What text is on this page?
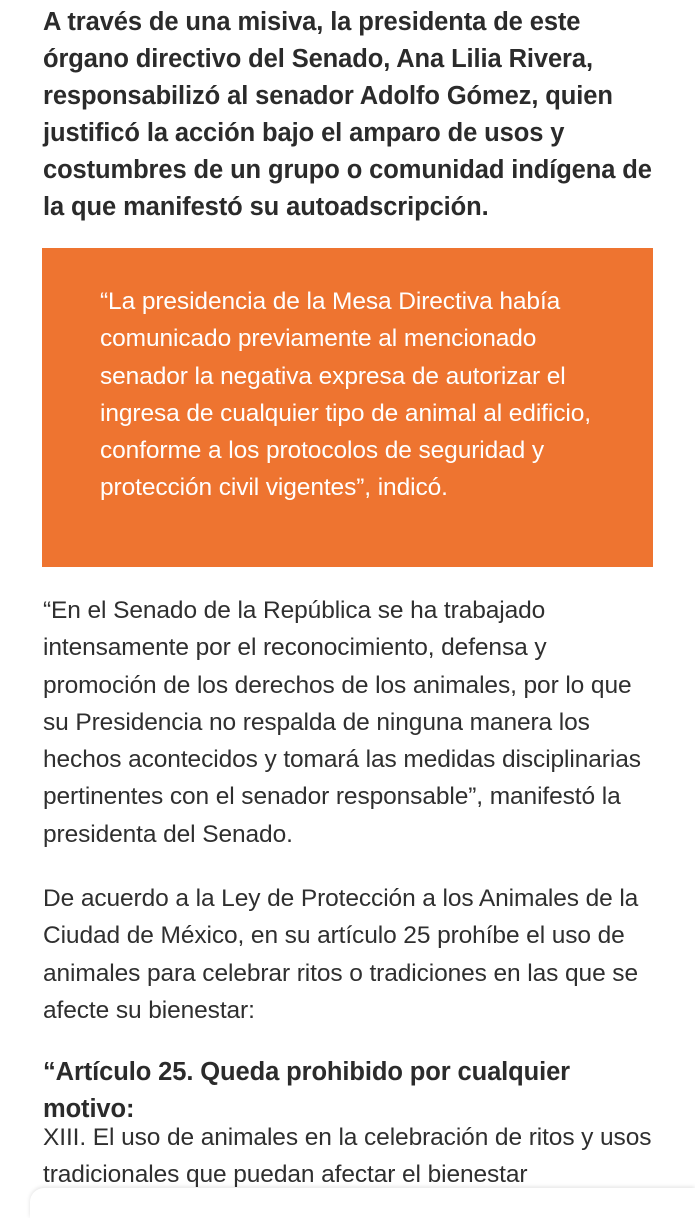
A través de una misiva, la presidenta de este órgano directivo del Senado, Ana Lilia Rivera, responsabilizó al senador Adolfo Gómez, quien justificó la acción bajo el amparo de usos y costumbres de un grupo o comunidad indígena de la que manifestó su autoadscripción.

“La presidencia de la Mesa Directiva había comunicado previamente al mencionado senador la negativa expresa de autorizar el ingresa de cualquier tipo de animal al edificio, conforme a los protocolos de seguridad y protección civil vigentes”, indicó.

“En el Senado de la República se ha trabajado intensamente por el reconocimiento, defensa y promoción de los derechos de los animales, por lo que su Presidencia no respalda de ninguna manera los hechos acontecidos y tomará las medidas disciplinarias pertinentes con el senador responsable”, manifestó la presidenta del Senado.

De acuerdo a la Ley de Protección a los Animales de la Ciudad de México, en su artículo 25 prohíbe el uso de animales para celebrar ritos o tradiciones en las que se afecte su bienestar:

“Artículo 25. Queda prohibido por cualquier motivo:

XIII. El uso de animales en la celebración de ritos y usos tradicionales que puedan afectar el bienestar
